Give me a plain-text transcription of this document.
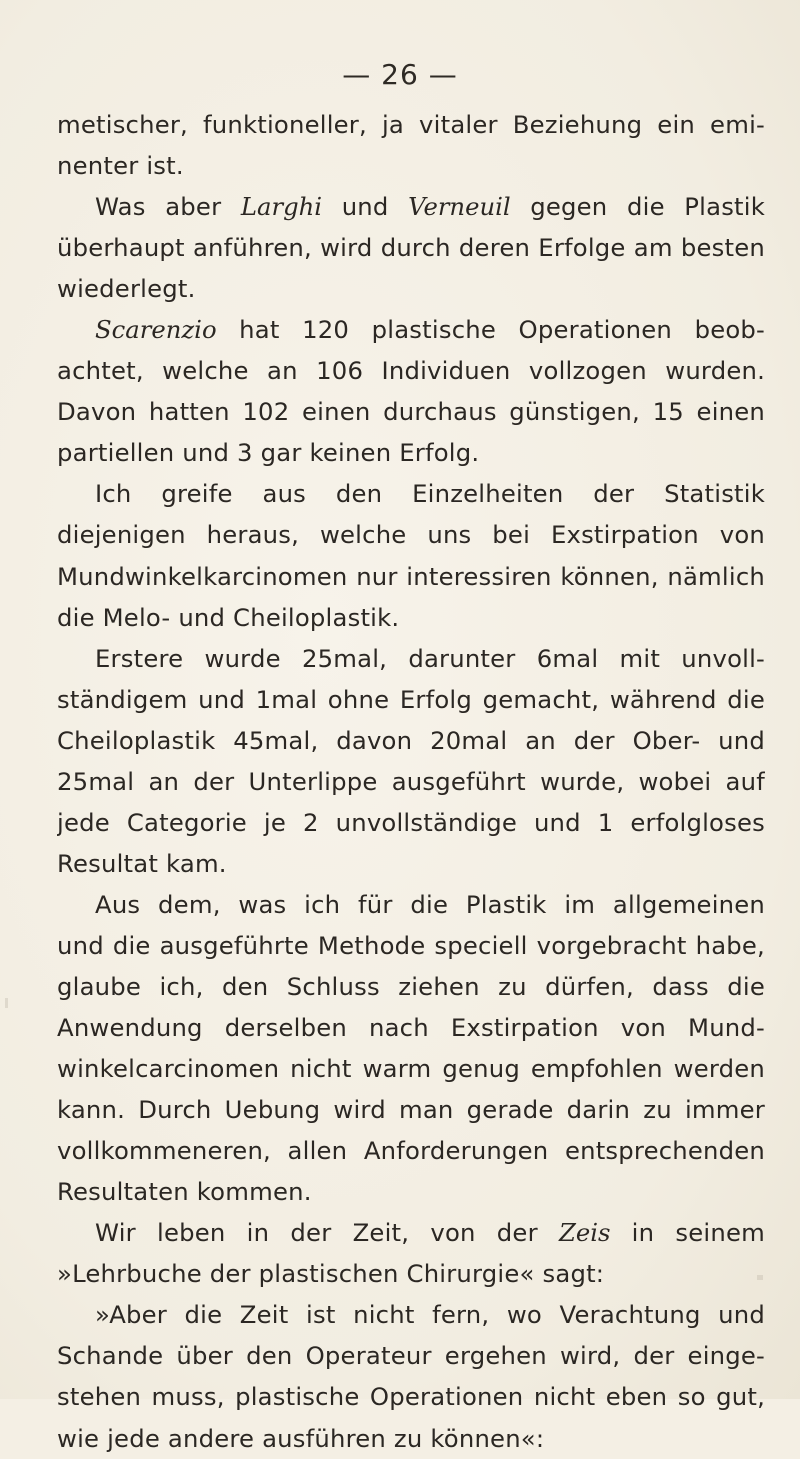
— 26 —
metischer, funktioneller, ja vitaler Beziehung ein emi-
nenter ist.
Was aber Larghi und Verneuil gegen die Plastik
überhaupt anführen, wird durch deren Erfolge am besten
wiederlegt.
Scarenzio hat 120 plastische Operationen beob-
achtet, welche an 106 Individuen vollzogen wurden.
Davon hatten 102 einen durchaus günstigen, 15 einen
partiellen und 3 gar keinen Erfolg.
Ich greife aus den Einzelheiten der Statistik
diejenigen heraus, welche uns bei Exstirpation von
Mundwinkelkarcinomen nur interessiren können, nämlich
die Melo- und Cheiloplastik.
Erstere wurde 25mal, darunter 6mal mit unvoll-
ständigem und 1mal ohne Erfolg gemacht, während die
Cheiloplastik 45mal, davon 20mal an der Ober- und
25mal an der Unterlippe ausgeführt wurde, wobei auf
jede Categorie je 2 unvollständige und 1 erfolgloses
Resultat kam.
Aus dem, was ich für die Plastik im allgemeinen
und die ausgeführte Methode speciell vorgebracht habe,
glaube ich, den Schluss ziehen zu dürfen, dass die
Anwendung derselben nach Exstirpation von Mund-
winkelcarcinomen nicht warm genug empfohlen werden
kann. Durch Uebung wird man gerade darin zu immer
vollkommeneren, allen Anforderungen entsprechenden
Resultaten kommen.
Wir leben in der Zeit, von der Zeis in seinem
»Lehrbuche der plastischen Chirurgie« sagt:
»Aber die Zeit ist nicht fern, wo Verachtung und
Schande über den Operateur ergehen wird, der einge-
stehen muss, plastische Operationen nicht eben so gut,
wie jede andere ausführen zu können«:
